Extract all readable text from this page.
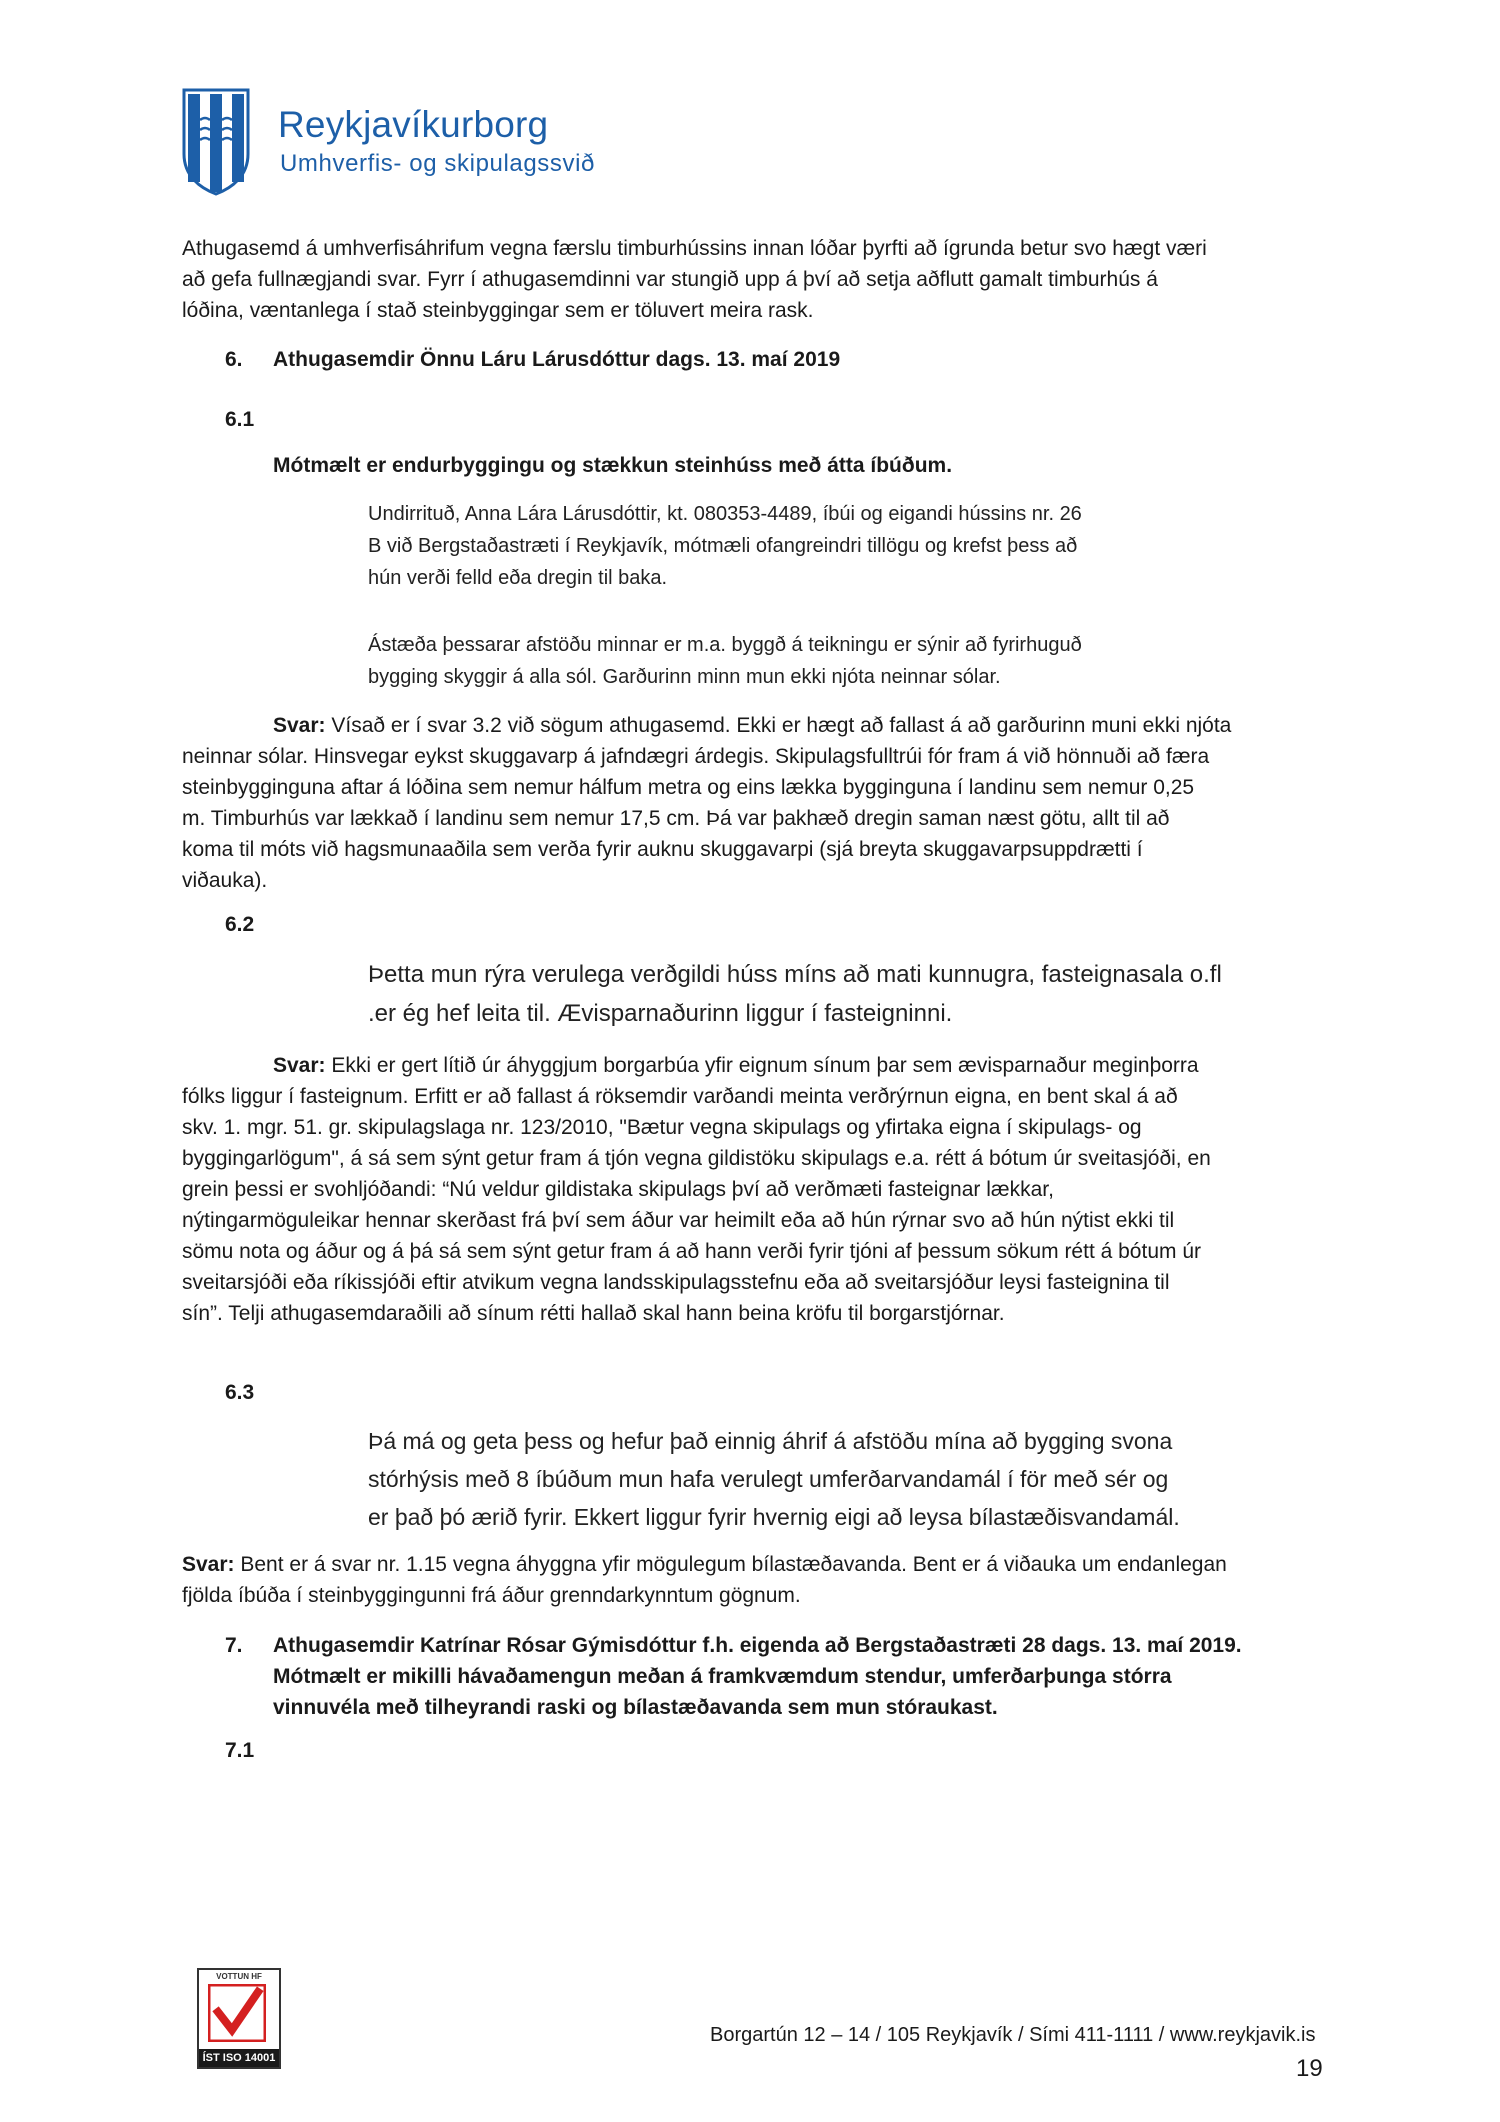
Reykjavíkurborg
Umhverfis- og skipulagssvið

Athugasemd á umhverfisáhrifum vegna færslu timburhússins innan lóðar þyrfti að ígrunda betur svo hægt væri
að gefa fullnægjandi svar. Fyrr í athugasemdinni var stungið upp á því að setja aðflutt gamalt timburhús á
lóðina, væntanlega í stað steinbyggingar sem er töluvert meira rask.

6. Athugasemdir Önnu Láru Lárusdóttur dags. 13. maí 2019
6.1
Mótmælt er endurbyggingu og stækkun steinhúss með átta íbúðum.
Undirrituð, Anna Lára Lárusdóttir, kt. 080353-4489, íbúi og eigandi hússins nr. 26
B við Bergstaðastræti í Reykjavík, mótmæli ofangreindri tillögu og krefst þess að
hún verði felld eða dregin til baka.
Ástæða þessarar afstöðu minnar er m.a. byggð á teikningu er sýnir að fyrirhuguð
bygging skyggir á alla sól. Garðurinn minn mun ekki njóta neinnar sólar.

Svar: Vísað er í svar 3.2 við sögum athugasemd. Ekki er hægt að fallast á að garðurinn muni ekki njóta
neinnar sólar. Hinsvegar eykst skuggavarp á jafndægri árdegis. Skipulagsfulltrúi fór fram á við hönnuði að færa
steinbygginguna aftar á lóðina sem nemur hálfum metra og eins lækka bygginguna í landinu sem nemur 0,25
m. Timburhús var lækkað í landinu sem nemur 17,5 cm. Þá var þakhæð dregin saman næst götu, allt til að
koma til móts við hagsmunaaðila sem verða fyrir auknu skuggavarpi (sjá breyta skuggavarpsuppdrætti í
viðauka).

6.2
Þetta mun rýra verulega verðgildi húss míns að mati kunnugra, fasteignasala o.fl
.er ég hef leita til. Ævisparnaðurinn liggur í fasteigninni.

Svar: Ekki er gert lítið úr áhyggjum borgarbúa yfir eignum sínum þar sem ævisparnaður meginþorra
fólks liggur í fasteignum. Erfitt er að fallast á röksemdir varðandi meinta verðrýrnun eigna, en bent skal á að
skv. 1. mgr. 51. gr. skipulagslaga nr. 123/2010, "Bætur vegna skipulags og yfirtaka eigna í skipulags- og
byggingarlögum", á sá sem sýnt getur fram á tjón vegna gildistöku skipulags e.a. rétt á bótum úr sveitasjóði, en
grein þessi er svohljóðandi: “Nú veldur gildistaka skipulags því að verðmæti fasteignar lækkar,
nýtingarmöguleikar hennar skerðast frá því sem áður var heimilt eða að hún rýrnar svo að hún nýtist ekki til
sömu nota og áður og á þá sá sem sýnt getur fram á að hann verði fyrir tjóni af þessum sökum rétt á bótum úr
sveitarsjóði eða ríkissjóði eftir atvikum vegna landsskipulagsstefnu eða að sveitarsjóður leysi fasteignina til
sín”. Telji athugasemdaraðili að sínum rétti hallað skal hann beina kröfu til borgarstjórnar.

6.3
Þá má og geta þess og hefur það einnig áhrif á afstöðu mína að bygging svona
stórhýsis með 8 íbúðum mun hafa verulegt umferðarvandamál í för með sér og
er það þó ærið fyrir. Ekkert liggur fyrir hvernig eigi að leysa bílastæðisvandamál.

Svar: Bent er á svar nr. 1.15 vegna áhyggna yfir mögulegum bílastæðavanda. Bent er á viðauka um endanlegan
fjölda íbúða í steinbyggingunni frá áður grenndarkynntum gögnum.

7. Athugasemdir Katrínar Rósar Gýmisdóttur f.h. eigenda að Bergstaðastræti 28 dags. 13. maí 2019.
Mótmælt er mikilli hávaðamengun meðan á framkvæmdum stendur, umferðarþunga stórra
vinnuvéla með tilheyrandi raski og bílastæðavanda sem mun stóraukast.
7.1
VOTTUN HF
ÍST ISO 14001
Borgartún 12 – 14 / 105 Reykjavík / Sími 411-1111 / www.reykjavik.is
19
